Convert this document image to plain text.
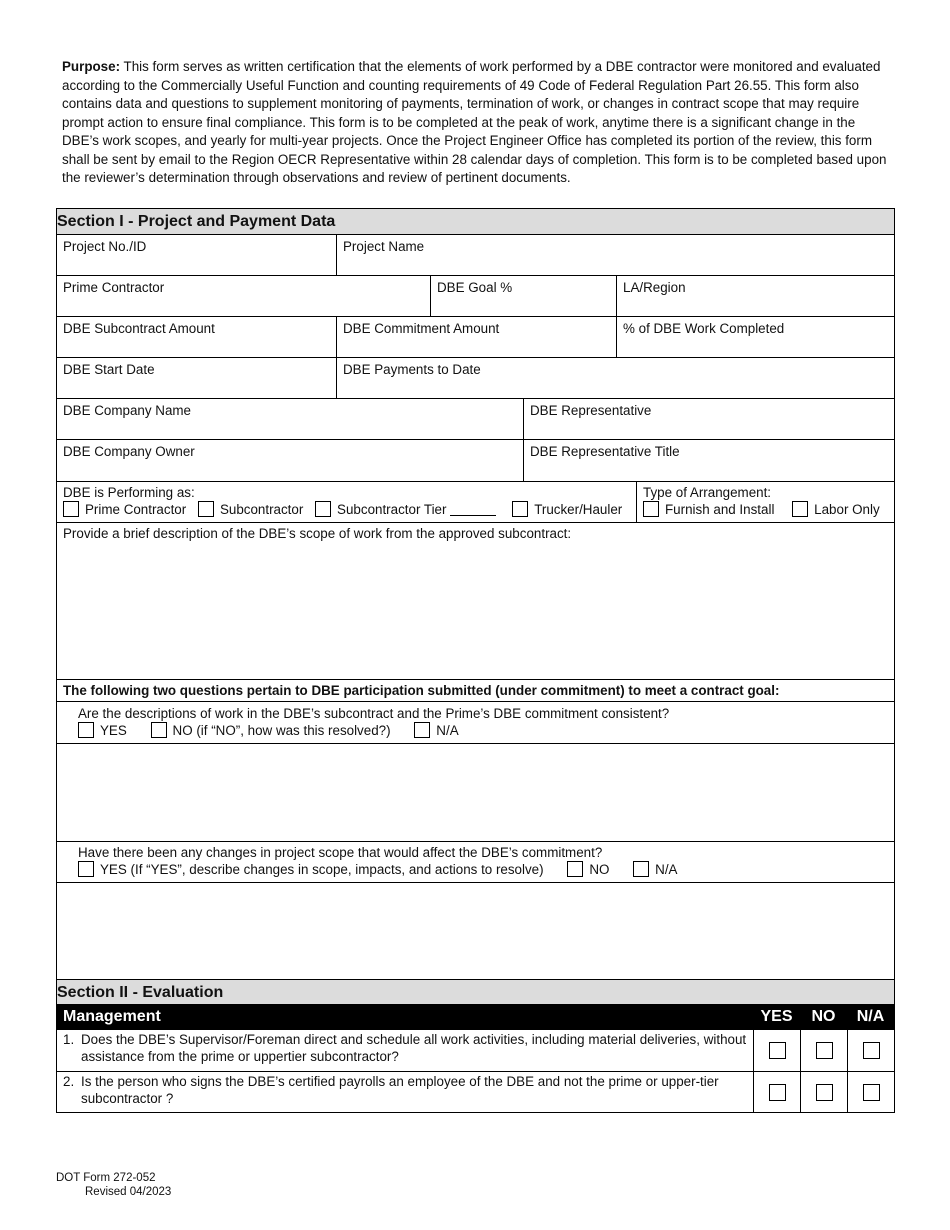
Purpose: This form serves as written certification that the elements of work performed by a DBE contractor were monitored and evaluated according to the Commercially Useful Function and counting requirements of 49 Code of Federal Regulation Part 26.55. This form also contains data and questions to supplement monitoring of payments, termination of work, or changes in contract scope that may require prompt action to ensure final compliance. This form is to be completed at the peak of work, anytime there is a significant change in the DBE’s work scopes, and yearly for multi-year projects. Once the Project Engineer Office has completed its portion of the review, this form shall be sent by email to the Region OECR Representative within 28 calendar days of completion. This form is to be completed based upon the reviewer’s determination through observations and review of pertinent documents.

Section I - Project and Payment Data
Project No./ID	Project Name
Prime Contractor	DBE Goal %	LA/Region
DBE Subcontract Amount	DBE Commitment Amount	% of DBE Work Completed
DBE Start Date	DBE Payments to Date
DBE Company Name	DBE Representative
DBE Company Owner	DBE Representative Title
DBE is Performing as:
Prime Contractor	Subcontractor	Subcontractor Tier	Trucker/Hauler
Type of Arrangement:
Furnish and Install	Labor Only
Provide a brief description of the DBE’s scope of work from the approved subcontract:
The following two questions pertain to DBE participation submitted (under commitment) to meet a contract goal:
Are the descriptions of work in the DBE’s subcontract and the Prime’s DBE commitment consistent?
YES	NO (if “NO”, how was this resolved?)	N/A
Have there been any changes in project scope that would affect the DBE’s commitment?
YES (If “YES”, describe changes in scope, impacts, and actions to resolve)	NO	N/A
Section II - Evaluation
Management	YES	NO	N/A
1. Does the DBE’s Supervisor/Foreman direct and schedule all work activities, including material deliveries, without assistance from the prime or uppertier subcontractor?
2. Is the person who signs the DBE’s certified payrolls an employee of the DBE and not the prime or upper-tier subcontractor ?
DOT Form 272-052
Revised 04/2023
